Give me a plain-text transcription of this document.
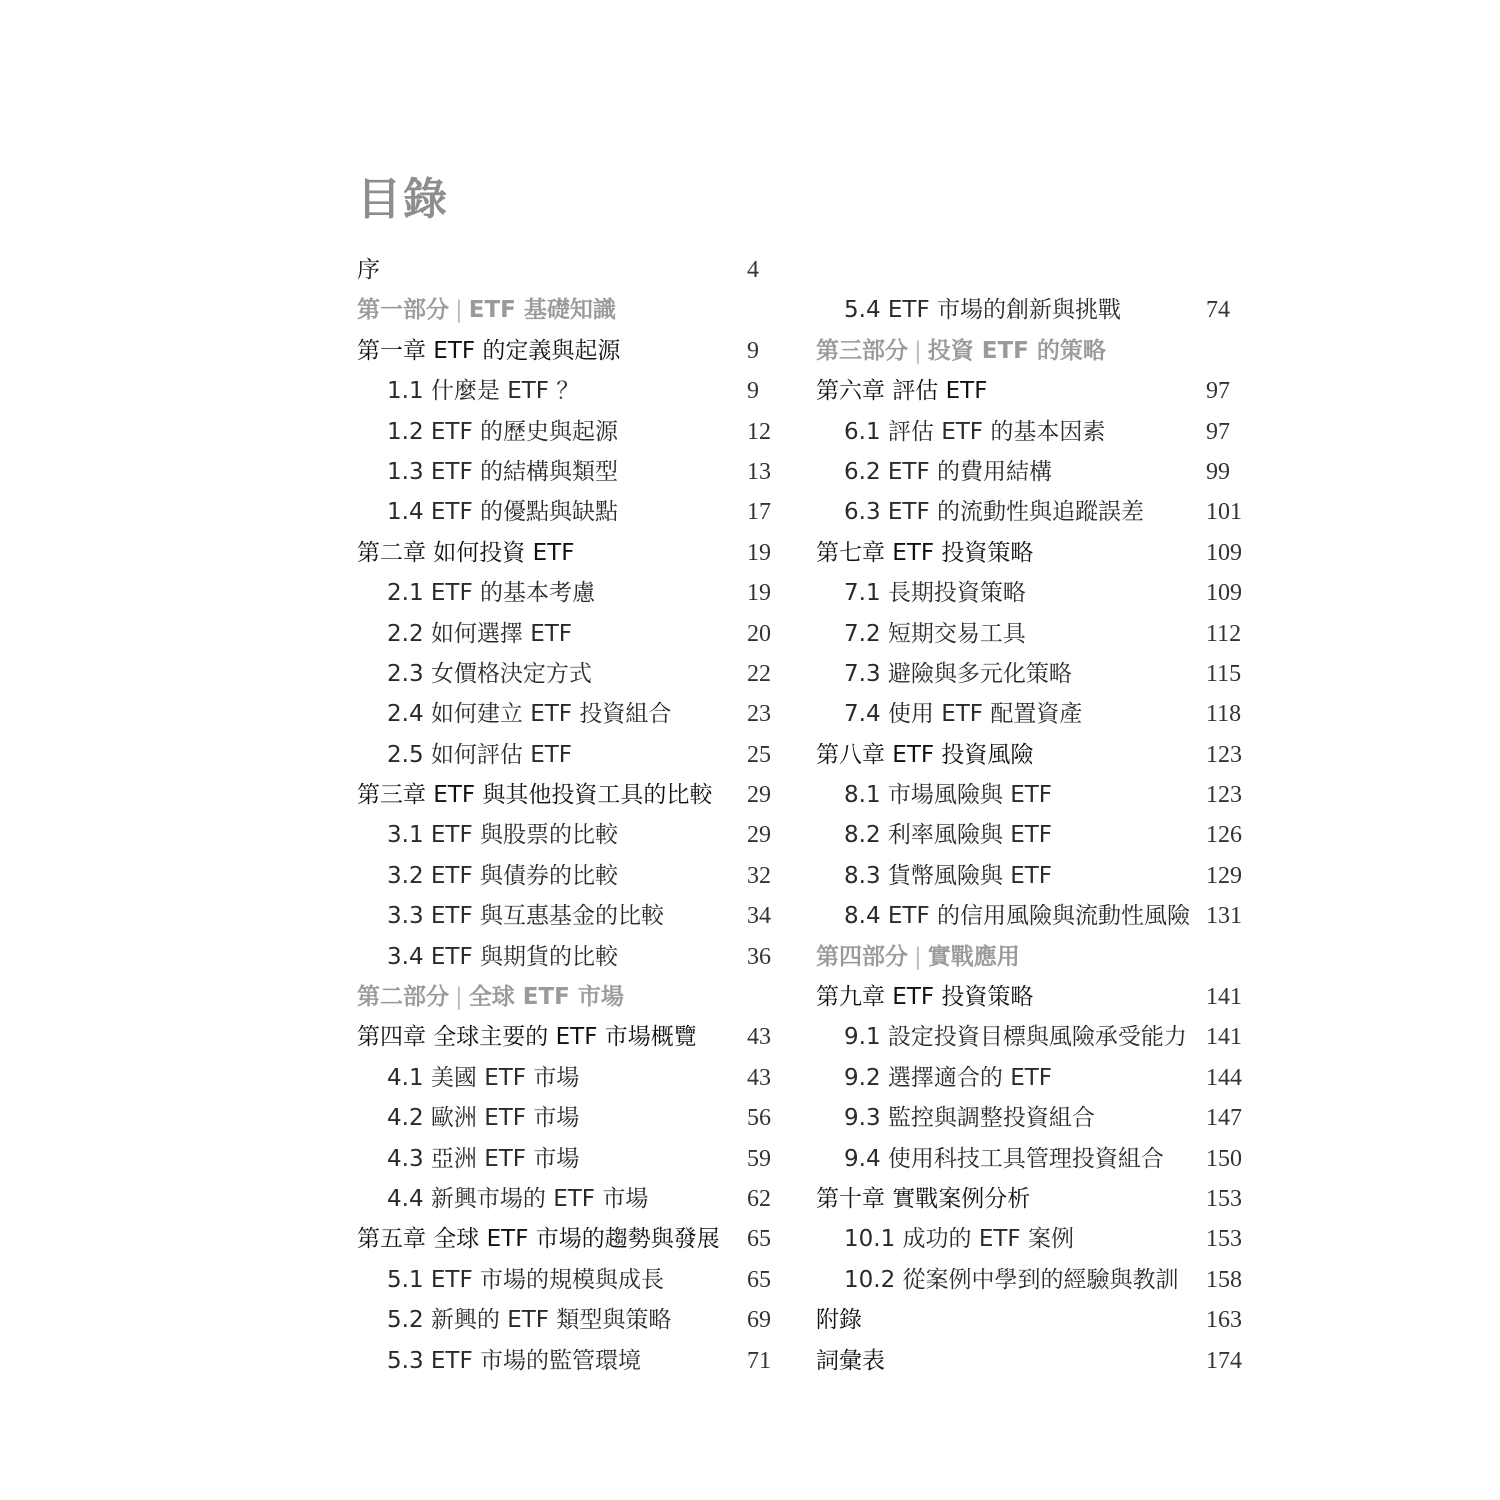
目錄
序	4
第一部分 | ETF 基礎知識
第一章 ETF 的定義與起源	9
1.1 什麼是 ETF ？	9
1.2 ETF 的歷史與起源	12
1.3 ETF 的結構與類型	13
1.4 ETF 的優點與缺點	17
第二章 如何投資 ETF	19
2.1 ETF 的基本考慮	19
2.2 如何選擇 ETF	20
2.3 女價格決定方式	22
2.4 如何建立 ETF 投資組合	23
2.5 如何評估 ETF	25
第三章 ETF 與其他投資工具的比較 29
3.1 ETF 與股票的比較	29
3.2 ETF 與債券的比較	32
3.3 ETF 與互惠基金的比較	34
3.4 ETF 與期貨的比較	36
第二部分 | 全球 ETF 市場
第四章 全球主要的 ETF 市場概覽 43
4.1 美國 ETF 市場	43
4.2 歐洲 ETF 市場	56
4.3 亞洲 ETF 市場	59
4.4 新興市場的 ETF 市場	62
第五章 全球 ETF 市場的趨勢與發展 65
5.1 ETF 市場的規模與成長	65
5.2 新興的 ETF 類型與策略	69
5.3 ETF 市場的監管環境	71
5.4 ETF 市場的創新與挑戰	74
第三部分 | 投資 ETF 的策略
第六章 評估 ETF	97
6.1 評估 ETF 的基本因素	97
6.2 ETF 的費用結構	99
6.3 ETF 的流動性與追蹤誤差	101
第七章 ETF 投資策略	109
7.1 長期投資策略	109
7.2 短期交易工具	112
7.3 避險與多元化策略	115
7.4 使用 ETF 配置資產	118
第八章 ETF 投資風險	123
8.1 市場風險與 ETF	123
8.2 利率風險與 ETF	126
8.3 貨幣風險與 ETF	129
8.4 ETF 的信用風險與流動性風險 131
第四部分 | 實戰應用
第九章 ETF 投資策略	141
9.1 設定投資目標與風險承受能力 141
9.2 選擇適合的 ETF	144
9.3 監控與調整投資組合	147
9.4 使用科技工具管理投資組合 150
第十章 實戰案例分析	153
10.1 成功的 ETF 案例	153
10.2 從案例中學到的經驗與教訓 158
附錄	163
詞彙表	174
